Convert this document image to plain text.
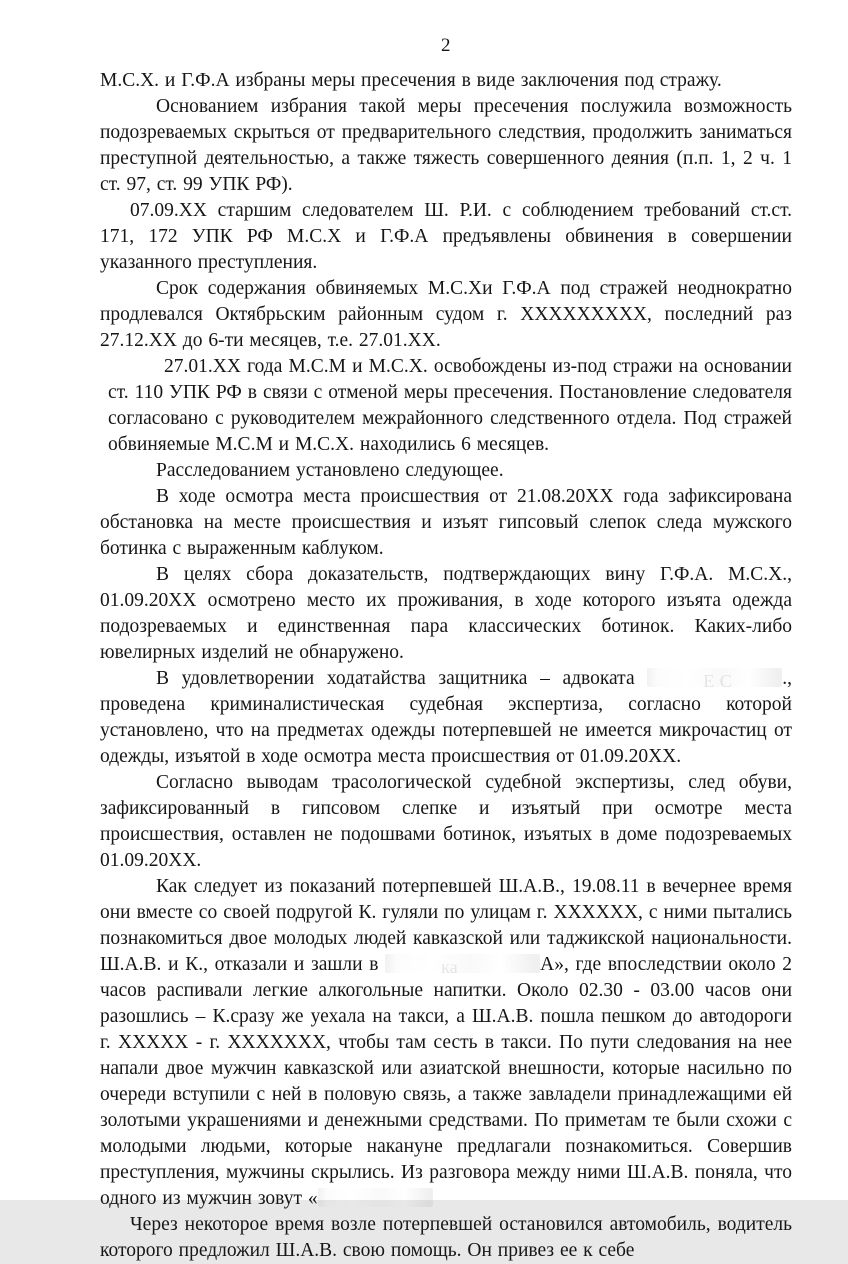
2

М.С.Х. и Г.Ф.А избраны меры пресечения в виде заключения под стражу.

Основанием избрания такой меры пресечения послужила возможность подозреваемых скрыться от предварительного следствия, продолжить заниматься преступной деятельностью, а также тяжесть совершенного деяния (п.п. 1, 2 ч. 1 ст. 97, ст. 99 УПК РФ).

07.09.ХХ старшим следователем Ш. Р.И. с соблюдением требований ст.ст. 171, 172 УПК РФ М.С.Х и Г.Ф.А предъявлены обвинения в совершении указанного преступления.

Срок содержания обвиняемых М.С.Хи Г.Ф.А под стражей неоднократно продлевался Октябрьским районным судом г. ХХХХХХХХХ, последний раз 27.12.ХХ до 6-ти месяцев, т.е. 27.01.ХХ.

27.01.ХХ года М.С.М и М.С.Х. освобождены из-под стражи на основании ст. 110 УПК РФ в связи с отменой меры пресечения. Постановление следователя согласовано с руководителем межрайонного следственного отдела. Под стражей обвиняемые М.С.М и М.С.Х. находились 6 месяцев.

Расследованием установлено следующее.

В ходе осмотра места происшествия от 21.08.20ХХ года зафиксирована обстановка на месте происшествия и изъят гипсовый слепок следа мужского ботинка с выраженным каблуком.

В целях сбора доказательств, подтверждающих вину Г.Ф.А. М.С.Х., 01.09.20ХХ осмотрено место их проживания, в ходе которого изъята одежда подозреваемых и единственная пара классических ботинок. Каких-либо ювелирных изделий не обнаружено.

В удовлетворении ходатайства защитника – адвоката	Е С	., проведена криминалистическая судебная экспертиза, согласно которой установлено, что на предметах одежды потерпевшей не имеется микрочастиц от одежды, изъятой в ходе осмотра места происшествия от 01.09.20ХХ.

Согласно выводам трасологической судебной экспертизы, след обуви, зафиксированный в гипсовом слепке и изъятый при осмотре места происшествия, оставлен не подошвами ботинок, изъятых в доме подозреваемых 01.09.20ХХ.

Как следует из показаний потерпевшей Ш.А.В., 19.08.11 в вечернее время они вместе со своей подругой К. гуляли по улицам г. ХХХХХХ, с ними пытались познакомиться двое молодых людей кавказской или таджикской национальности. Ш.А.В. и К., отказали и зашли в	ка	А», где впоследствии около 2 часов распивали легкие алкогольные напитки. Около 02.30 - 03.00 часов они разошлись – К.сразу же уехала на такси, а Ш.А.В. пошла пешком до автодороги г. ХХХХХ - г. ХХХХХХХ, чтобы там сесть в такси. По пути следования на нее напали двое мужчин кавказской или азиатской внешности, которые насильно по очереди вступили с ней в половую связь, а также завладели принадлежащими ей золотыми украшениями и денежными средствами. По приметам те были схожи с молодыми людьми, которые накануне предлагали познакомиться. Совершив преступления, мужчины скрылись. Из разговора между ними Ш.А.В. поняла, что одного из мужчин зовут «

Через некоторое время возле потерпевшей остановился автомобиль, водитель которого предложил Ш.А.В. свою помощь. Он привез ее к себе
